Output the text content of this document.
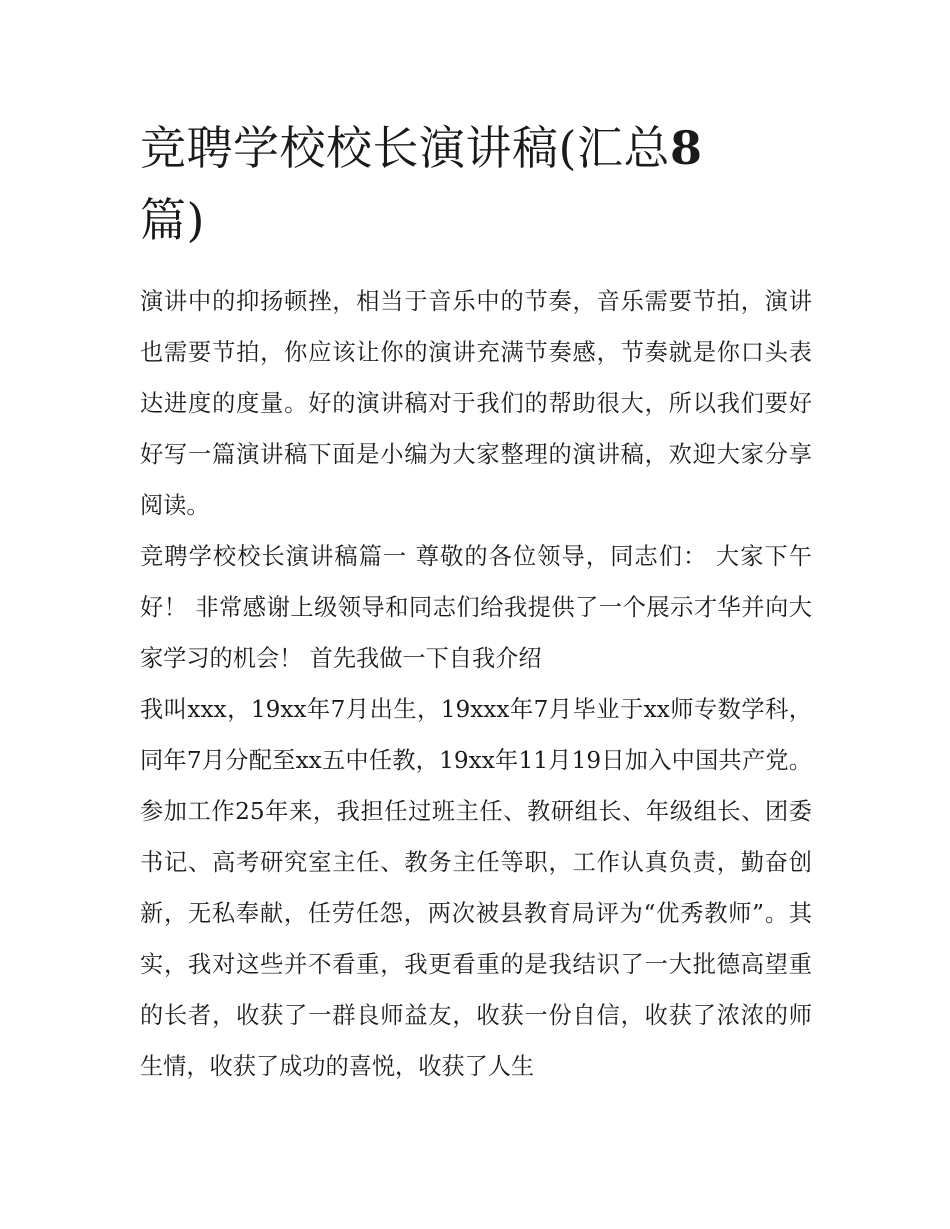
竞聘学校校长演讲稿(汇总8
篇)

演讲中的抑扬顿挫，相当于音乐中的节奏，音乐需要节拍，演讲也需要节拍，你应该让你的演讲充满节奏感，节奏就是你口头表达进度的度量。好的演讲稿对于我们的帮助很大，所以我们要好好写一篇演讲稿下面是小编为大家整理的演讲稿，欢迎大家分享阅读。

竞聘学校校长演讲稿篇一 尊敬的各位领导，同志们： 大家下午好！ 非常感谢上级领导和同志们给我提供了一个展示才华并向大家学习的机会！ 首先我做一下自我介绍

我叫xxx，19xx年7月出生，19xxx年7月毕业于xx师专数学科，同年7月分配至xx五中任教，19xx年11月19日加入中国共产党。参加工作25年来，我担任过班主任、教研组长、年级组长、团委书记、高考研究室主任、教务主任等职，工作认真负责，勤奋创新，无私奉献，任劳任怨，两次被县教育局评为“优秀教师”。其实，我对这些并不看重，我更看重的是我结识了一大批德高望重的长者，收获了一群良师益友，收获一份自信，收获了浓浓的师生情，收获了成功的喜悦，收获了人生
